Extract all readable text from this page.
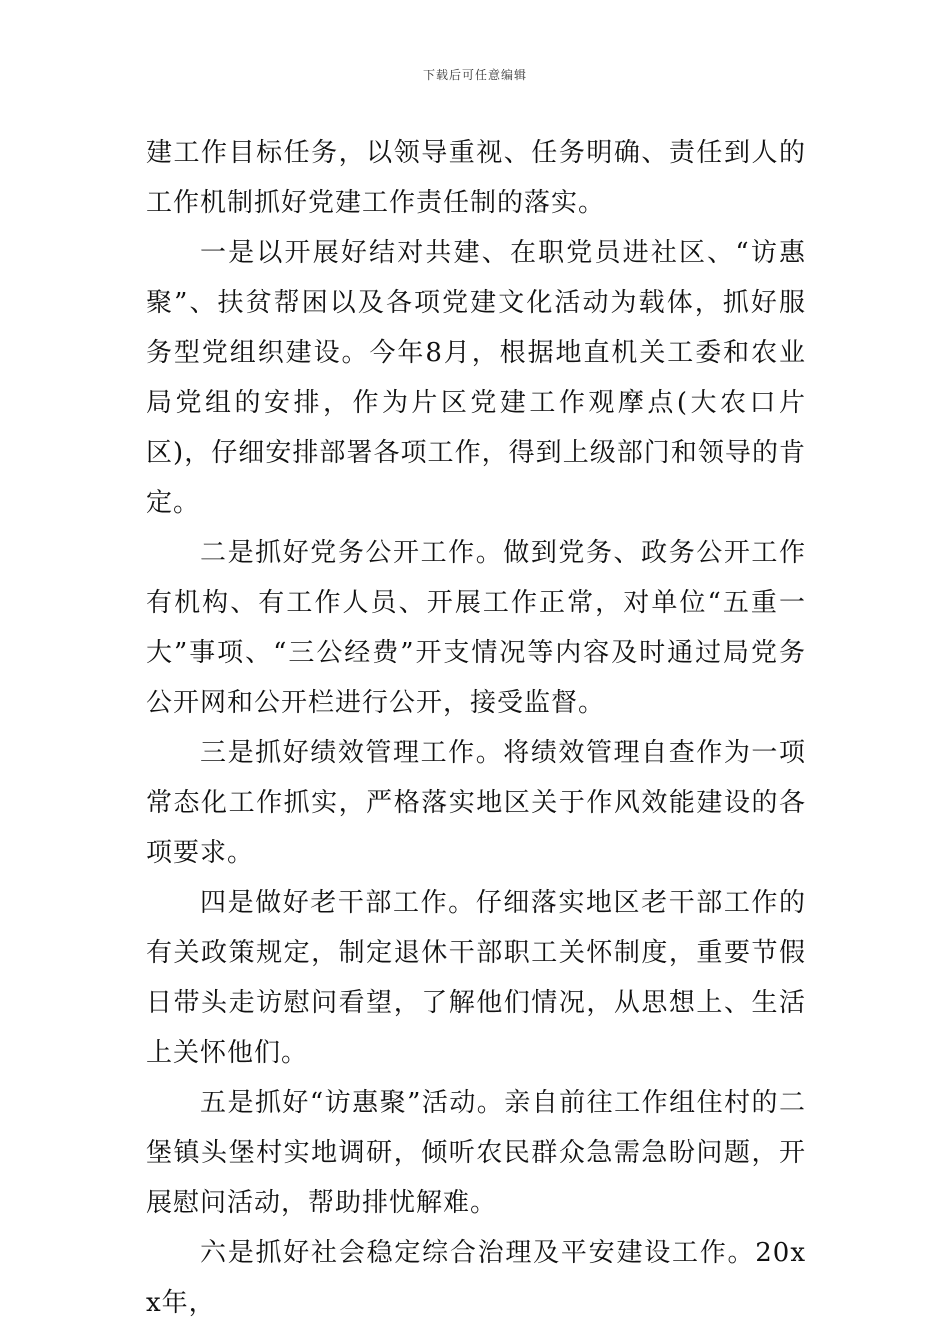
下载后可任意编辑

建工作目标任务，以领导重视、任务明确、责任到人的工作机制抓好党建工作责任制的落实。

一是以开展好结对共建、在职党员进社区、“访惠聚”、扶贫帮困以及各项党建文化活动为载体，抓好服务型党组织建设。今年8月，根据地直机关工委和农业局党组的安排，作为片区党建工作观摩点(大农口片区)，仔细安排部署各项工作，得到上级部门和领导的肯定。

二是抓好党务公开工作。做到党务、政务公开工作有机构、有工作人员、开展工作正常，对单位“五重一大”事项、“三公经费”开支情况等内容及时通过局党务公开网和公开栏进行公开，接受监督。

三是抓好绩效管理工作。将绩效管理自查作为一项常态化工作抓实，严格落实地区关于作风效能建设的各项要求。

四是做好老干部工作。仔细落实地区老干部工作的有关政策规定，制定退休干部职工关怀制度，重要节假日带头走访慰问看望，了解他们情况，从思想上、生活上关怀他们。

五是抓好“访惠聚”活动。亲自前往工作组住村的二堡镇头堡村实地调研，倾听农民群众急需急盼问题，开展慰问活动，帮助排忧解难。

六是抓好社会稳定综合治理及平安建设工作。20xx年，
